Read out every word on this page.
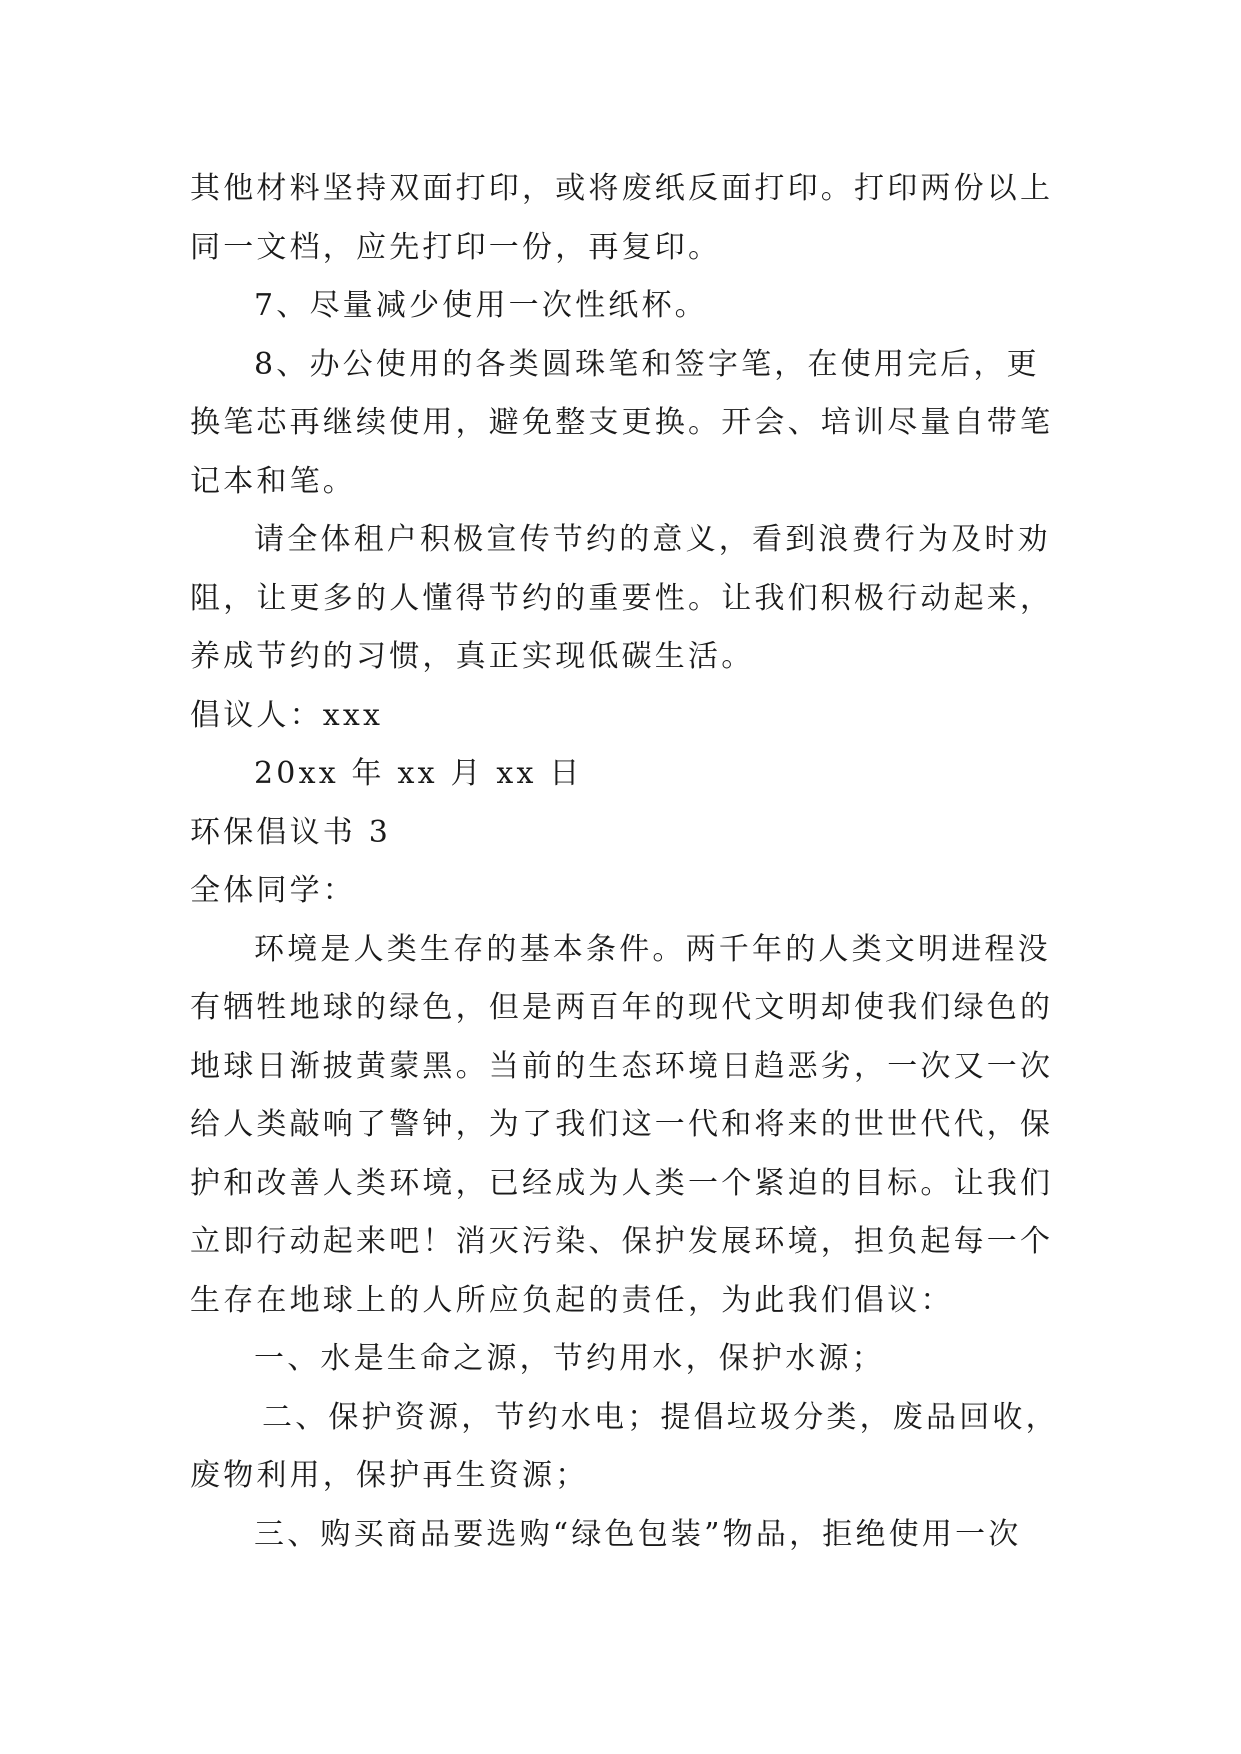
其他材料坚持双面打印，或将废纸反面打印。打印两份以上
同一文档，应先打印一份，再复印。
7、尽量减少使用一次性纸杯。
8、办公使用的各类圆珠笔和签字笔，在使用完后，更
换笔芯再继续使用，避免整支更换。开会、培训尽量自带笔
记本和笔。
请全体租户积极宣传节约的意义，看到浪费行为及时劝
阻，让更多的人懂得节约的重要性。让我们积极行动起来，
养成节约的习惯，真正实现低碳生活。
倡议人：xxx
20xx 年 xx 月 xx 日
环保倡议书 3
全体同学：
环境是人类生存的基本条件。两千年的人类文明进程没
有牺牲地球的绿色，但是两百年的现代文明却使我们绿色的
地球日渐披黄蒙黑。当前的生态环境日趋恶劣，一次又一次
给人类敲响了警钟，为了我们这一代和将来的世世代代，保
护和改善人类环境，已经成为人类一个紧迫的目标。让我们
立即行动起来吧！消灭污染、保护发展环境，担负起每一个
生存在地球上的人所应负起的责任，为此我们倡议：
一、水是生命之源，节约用水，保护水源；
二、保护资源，节约水电；提倡垃圾分类，废品回收，
废物利用，保护再生资源；
三、购买商品要选购“绿色包装”物品，拒绝使用一次
